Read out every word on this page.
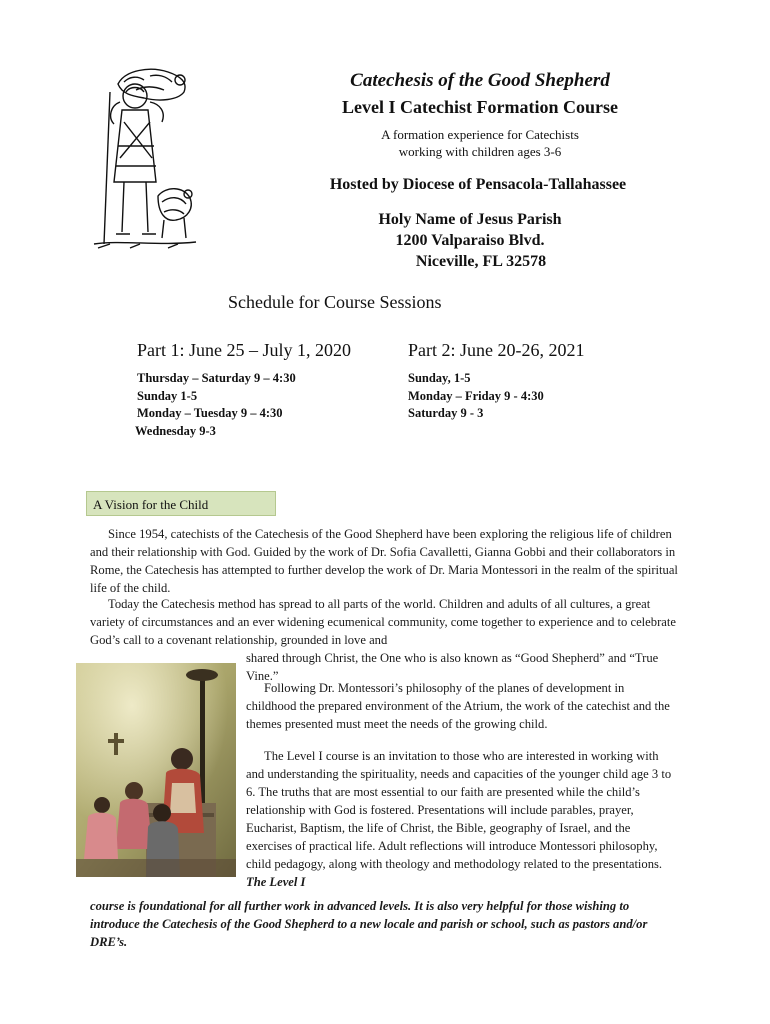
Catechesis of the Good Shepherd
Level I Catechist Formation Course
A formation experience for Catechists
working with children ages 3-6
Hosted by Diocese of Pensacola-Tallahassee
Holy Name of Jesus Parish
1200 Valparaiso Blvd.

Niceville, FL 32578
Schedule for Course Sessions
Part 1: June 25 – July 1, 2020
Thursday – Saturday 9 – 4:30
Sunday 1-5
Monday – Tuesday 9 – 4:30
Wednesday 9-3
Part 2: June 20-26, 2021
Sunday, 1-5
Monday – Friday 9 - 4:30
Saturday 9 - 3
A Vision for the Child
Since 1954, catechists of the Catechesis of the Good Shepherd have been exploring the religious life of children and their relationship with God. Guided by the work of Dr. Sofia Cavalletti, Gianna Gobbi and their collaborators in Rome, the Catechesis has attempted to further develop the work of Dr. Maria Montessori in the realm of the spiritual life of the child.
Today the Catechesis method has spread to all parts of the world. Children and adults of all cultures, a great variety of circumstances and an ever widening ecumenical community, come together to experience and to celebrate God’s call to a covenant relationship, grounded in love and
shared through Christ, the One who is also known as “Good Shepherd” and “True Vine.”
Following Dr. Montessori’s philosophy of the planes of development in childhood the prepared environment of the Atrium, the work of the catechist and the themes presented must meet the needs of the growing child.
The Level I course is an invitation to those who are interested in working with and understanding the spirituality, needs and capacities of the younger child age 3 to 6. The truths that are most essential to our faith are presented while the child’s relationship with God is fostered. Presentations will include parables, prayer, Eucharist, Baptism, the life of Christ, the Bible, geography of Israel, and the exercises of practical life. Adult reflections will introduce Montessori philosophy, child pedagogy, along with theology and methodology related to the presentations. The Level I
course is foundational for all further work in advanced levels. It is also very helpful for those wishing to introduce the Catechesis of the Good Shepherd to a new locale and parish or school, such as pastors and/or DRE’s.
